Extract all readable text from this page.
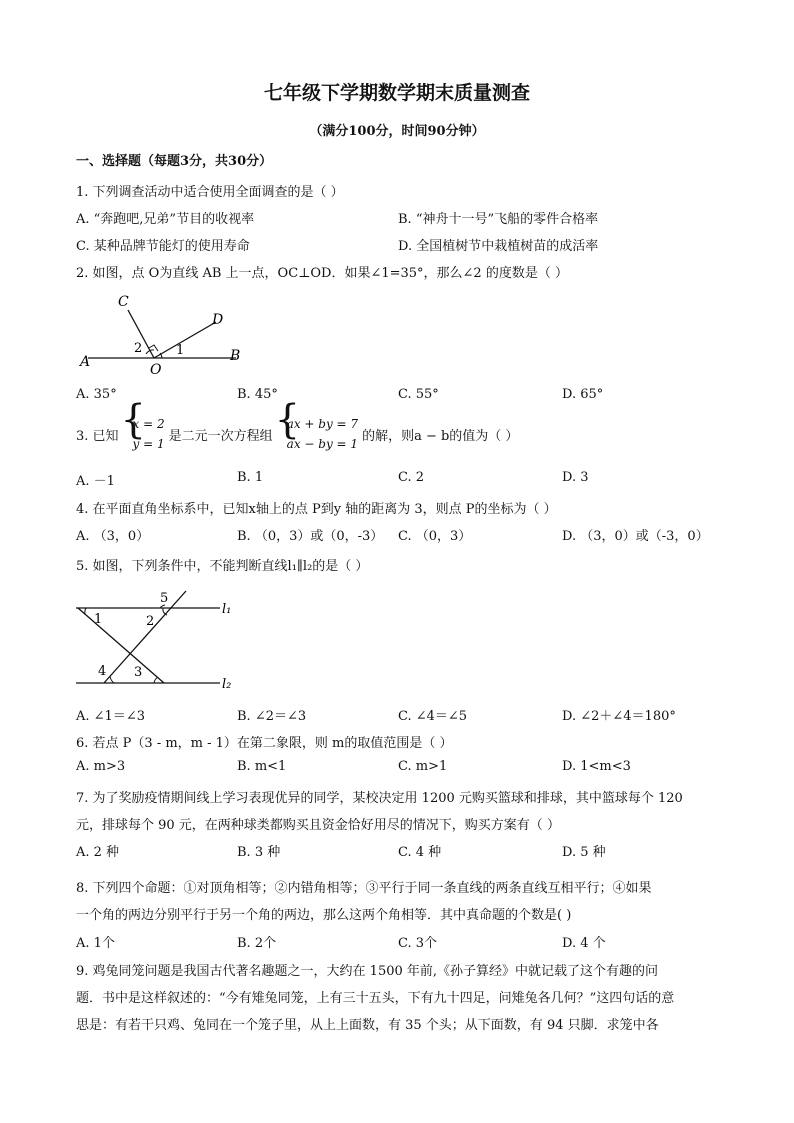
七年级下学期数学期末质量测查
（满分100分，时间90分钟）
一、选择题（每题3分，共30分）
1. 下列调查活动中适合使用全面调查的是（ ）
A. “奔跑吧,兄弟”节目的收视率	B. “神舟十一号”飞船的零件合格率
C. 某种品牌节能灯的使用寿命	D. 全国植树节中栽植树苗的成活率
2. 如图，点 O为直线 AB 上一点，OC⊥OD．如果∠1=35°，那么∠2 的度数是（ ）
C
D
A	B
O
1
2
A. 35°	B. 45°	C. 55°	D. 65°
3. 已知
{ x = 2
y = 1
是二元一次方程组
{ ax + by = 7
ax − by = 1
的解，则a − b的值为（ ）
A. －1	B. 1	C. 2	D. 3
4. 在平面直角坐标系中，已知x轴上的点 P到y 轴的距离为 3，则点 P的坐标为（ ）
A. （3，0）	B. （0，3）或（0，-3） C. （0，3）	D. （3，0）或（-3，0）
5. 如图，下列条件中，不能判断直线l₁∥l₂的是（ ）
1	2
3
4
5
l₁
l₂
A. ∠1＝∠3	B. ∠2＝∠3	C. ∠4＝∠5	D. ∠2＋∠4＝180°
6. 若点 P（3 - m，m - 1）在第二象限，则 m的取值范围是（ ）
A. m>3	B. m<1	C. m>1	D. 1<m<3
7. 为了奖励疫情期间线上学习表现优异的同学，某校决定用 1200 元购买篮球和排球，其中篮球每个 120
元，排球每个 90 元，在两种球类都购买且资金恰好用尽的情况下，购买方案有（ ）
A. 2 种	B. 3 种	C. 4 种	D. 5 种
8. 下列四个命题：①对顶角相等；②内错角相等；③平行于同一条直线的两条直线互相平行；④如果
一个角的两边分别平行于另一个角的两边，那么这两个角相等．其中真命题的个数是( )
A. 1个	B. 2个	C. 3个	D. 4 个
9. 鸡兔同笼问题是我国古代著名趣题之一，大约在 1500 年前,《孙子算经》中就记载了这个有趣的问
题．书中是这样叙述的：“今有雉兔同笼，上有三十五头，下有九十四足，问雉兔各几何？”这四句话的意
思是：有若干只鸡、兔同在一个笼子里，从上上面数，有 35 个头；从下面数，有 94 只脚．求笼中各
